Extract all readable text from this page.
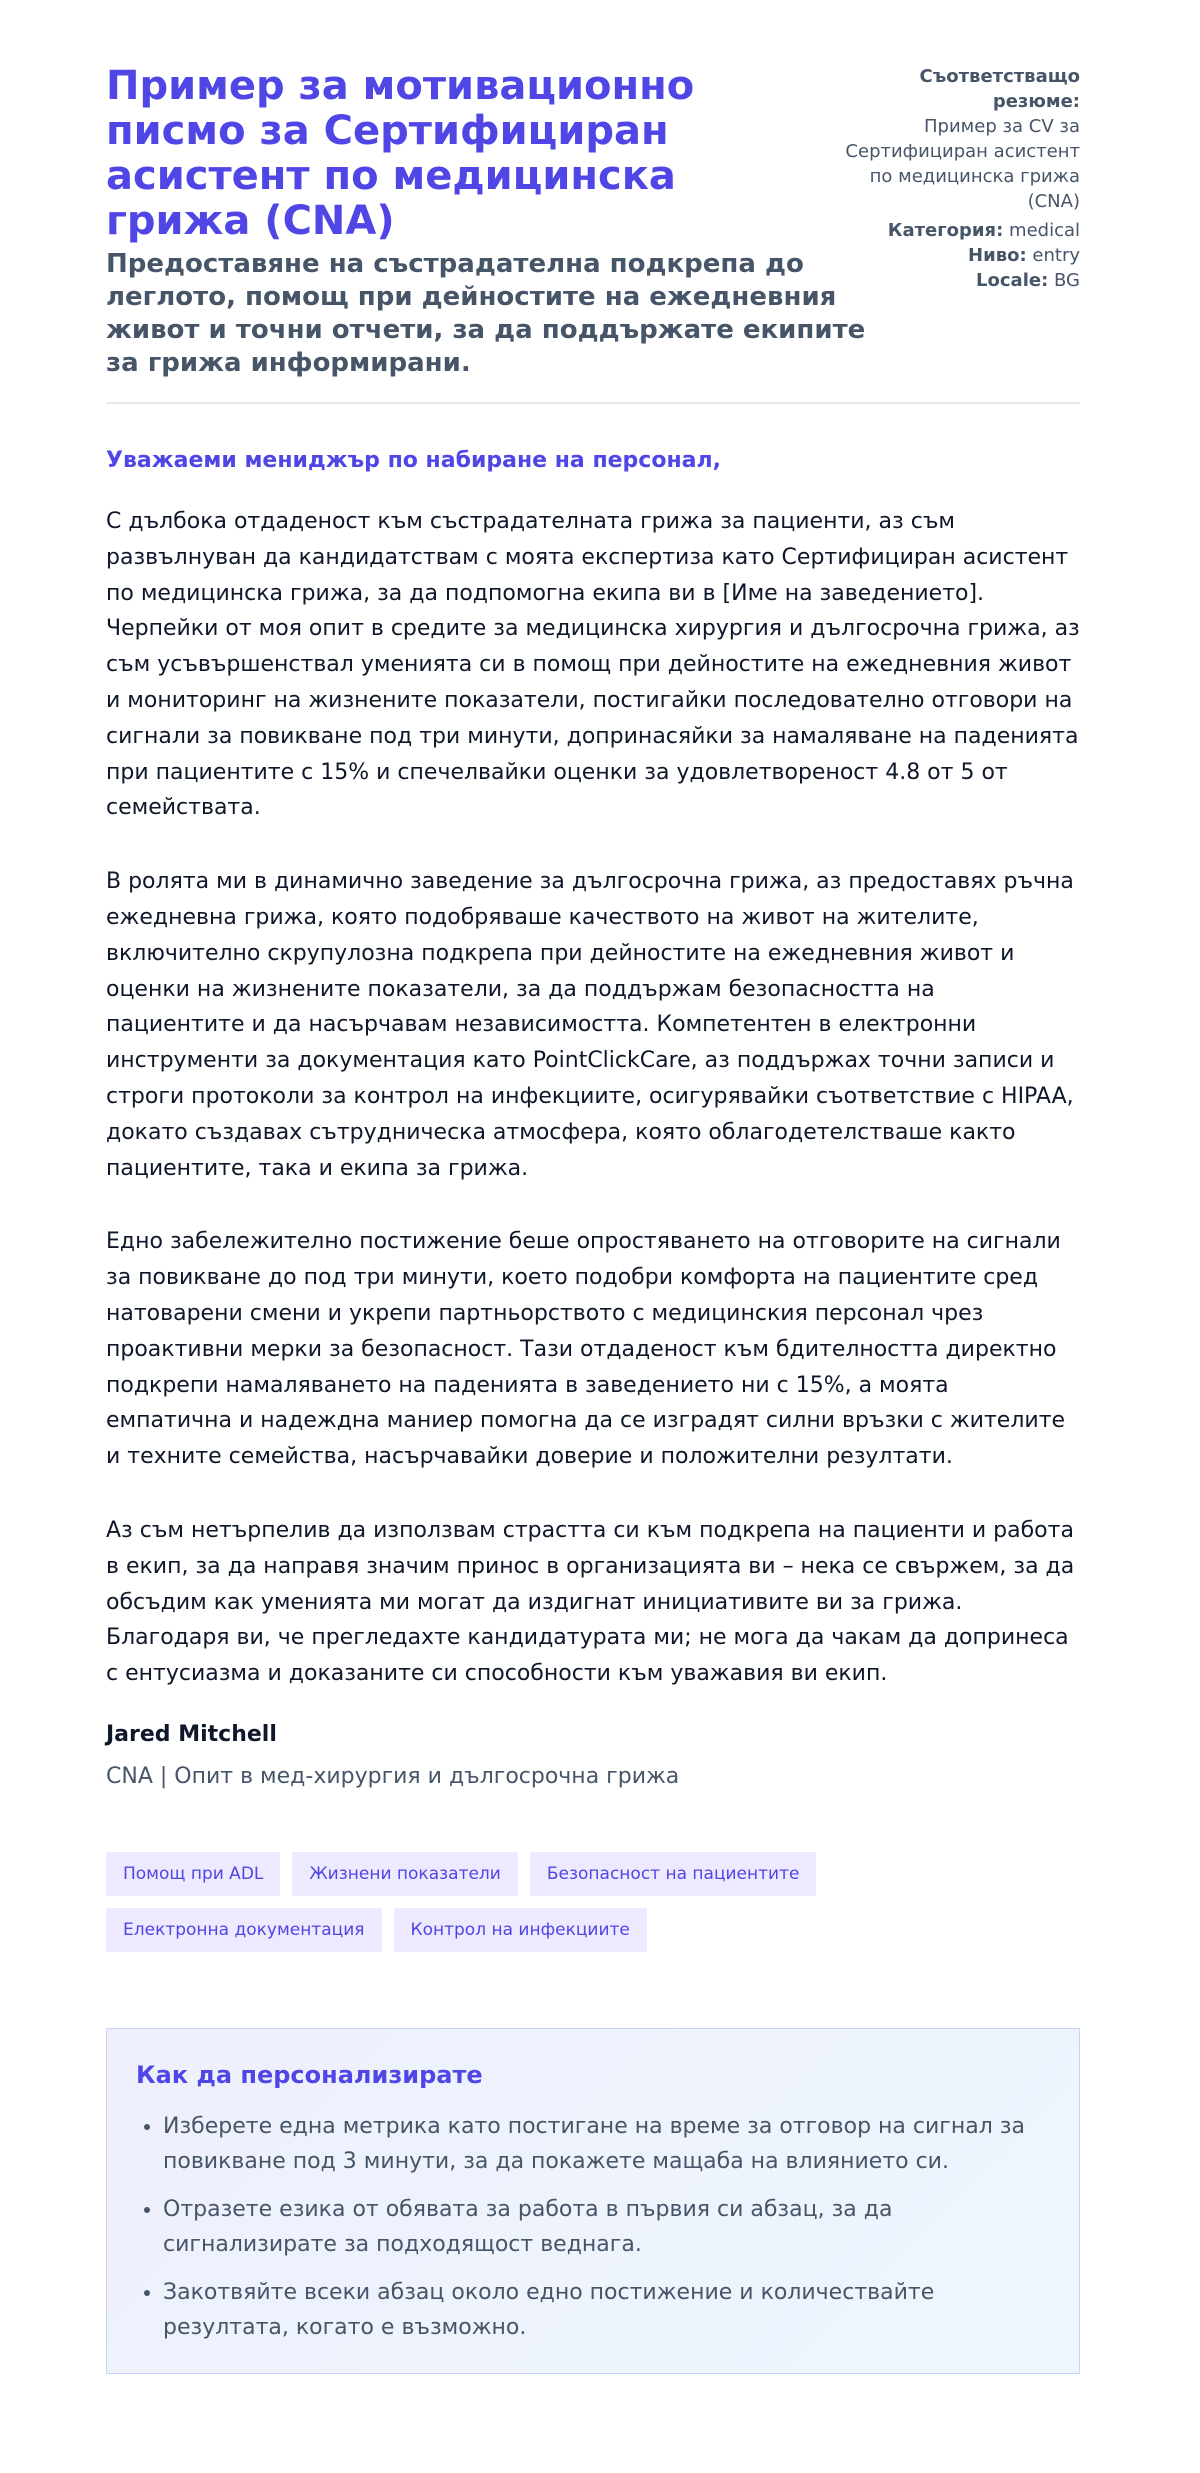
Пример за мотивационно писмо за Сертифициран асистент по медицинска грижа (CNA)

Предоставяне на състрадателна подкрепа до леглото, помощ при дейностите на ежедневния живот и точни отчети, за да поддържате екипите за грижа информирани.

Съответстващо резюме:
Пример за CV за Сертифициран асистент по медицинска грижа (CNA)
Категория: medical
Ниво: entry
Locale: BG

Уважаеми мениджър по набиране на персонал,

С дълбока отдаденост към състрадателната грижа за пациенти, аз съм развълнуван да кандидатствам с моята експертиза като Сертифициран асистент по медицинска грижа, за да подпомогна екипа ви в [Име на заведението]. Черпейки от моя опит в средите за медицинска хирургия и дългосрочна грижа, аз съм усъвършенствал уменията си в помощ при дейностите на ежедневния живот и мониторинг на жизнените показатели, постигайки последователно отговори на сигнали за повикване под три минути, допринасяйки за намаляване на паденията при пациентите с 15% и спечелвайки оценки за удовлетвореност 4.8 от 5 от семействата.

В ролята ми в динамично заведение за дългосрочна грижа, аз предоставях ръчна ежедневна грижа, която подобряваше качеството на живот на жителите, включително скрупулозна подкрепа при дейностите на ежедневния живот и оценки на жизнените показатели, за да поддържам безопасността на пациентите и да насърчавам независимостта. Компетентен в електронни инструменти за документация като PointClickCare, аз поддържах точни записи и строги протоколи за контрол на инфекциите, осигурявайки съответствие с HIPAA, докато създавах сътрудническа атмосфера, която облагодетелстваше както пациентите, така и екипа за грижа.

Едно забележително постижение беше опростяването на отговорите на сигнали за повикване до под три минути, което подобри комфорта на пациентите сред натоварени смени и укрепи партньорството с медицинския персонал чрез проактивни мерки за безопасност. Тази отдаденост към бдителността директно подкрепи намаляването на паденията в заведението ни с 15%, а моята емпатична и надеждна маниер помогна да се изградят силни връзки с жителите и техните семейства, насърчавайки доверие и положителни резултати.

Аз съм нетърпелив да използвам страстта си към подкрепа на пациенти и работа в екип, за да направя значим принос в организацията ви – нека се свържем, за да обсъдим как уменията ми могат да издигнат инициативите ви за грижа. Благодаря ви, че прегледахте кандидатурата ми; не мога да чакам да допринеса с ентусиазма и доказаните си способности към уважавия ви екип.

Jared Mitchell
CNA | Опит в мед-хирургия и дългосрочна грижа
Помощ при ADL	Жизнени показатели	Безопасност на пациентите
Електронна документация	Контрол на инфекциите
Как да персонализирате
• Изберете една метрика като постигане на време за отговор на сигнал за повикване под 3 минути, за да покажете мащаба на влиянието си.
• Отразете езика от обявата за работа в първия си абзац, за да сигнализирате за подходящост веднага.
• Закотвяйте всеки абзац около едно постижение и количествайте резултата, когато е възможно.
